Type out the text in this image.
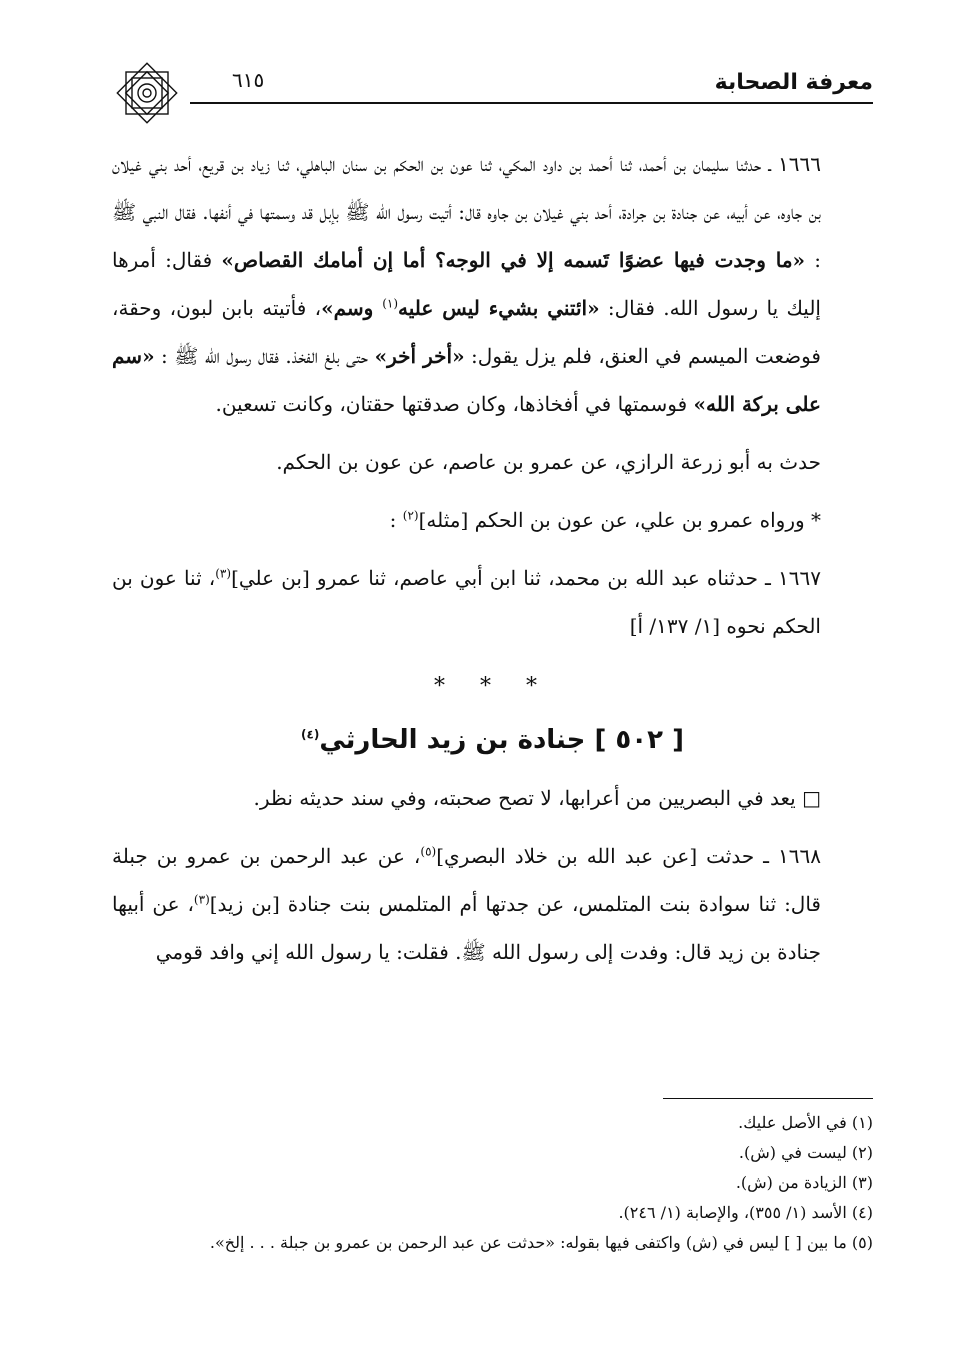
معرفة الصحابة
٦١٥

١٦٦٦ ـ حدثنا سليمان بن أحمد، ثنا أحمد بن داود المكي، ثنا عون بن الحكم بن سنان الباهلي، ثنا زياد بن قريع، أحد بني غيلان بن جاوه، عن أبيه، عن جنادة بن جرادة، أحد بني غيلان بن جاوه قال: أتيت رسول الله ﷺ بإبل قد وسمتها في أنفها. فقال النبي ﷺ : «ما وجدت فيها عضوًا تَسمه إلا في الوجه؟ أما إن أمامك القصاص» فقال: أمرها إليك يا رسول الله. فقال: «ائتني بشيء ليس عليه$^{(١)}$ وسم»، فأتيته بابن لبون، وحقة، فوضعت الميسم في العنق، فلم يزل يقول: «أخر أخر» حتى بلغ الفخذ. فقال رسول الله ﷺ : «سم على بركة الله» فوسمتها في أفخاذها، وكان صدقتها حقتان، وكانت تسعين.

حدث به أبو زرعة الرازي، عن عمرو بن عاصم، عن عون بن الحكم.

* ورواه عمرو بن علي، عن عون بن الحكم [مثله]$^{(٢)}$ :

١٦٦٧ ـ حدثناه عبد الله بن محمد، ثنا ابن أبي عاصم، ثنا عمرو [بن علي]$^{(٣)}$، ثنا عون بن الحكم نحوه [١/ ١٣٧/ أ]

* * *
[ ٥٠٢ ] جنادة بن زيد الحارثي$^{(٤)}$

□ يعد في البصريين من أعرابها، لا تصح صحبته، وفي سند حديثه نظر.

١٦٦٨ ـ حدثت [عن عبد الله بن خلاد البصري]$^{(٥)}$، عن عبد الرحمن بن عمرو بن جبلة قال: ثنا سوادة بنت المتلمس، عن جدتها أم المتلمس بنت جنادة [بن زيد]$^{(٣)}$، عن أبيها جنادة بن زيد قال: وفدت إلى رسول الله ﷺ. فقلت: يا رسول الله إني وافد قومي

(١) في الأصل عليك.
(٢) ليست في (ش).
(٣) الزيادة من (ش).
(٤) الأسد (١/ ٣٥٥)، والإصابة (١/ ٢٤٦).
(٥) ما بين [ ] ليس في (ش) واكتفى فيها بقوله: «حدثت عن عبد الرحمن بن عمرو بن جبلة . . . إلخ».
